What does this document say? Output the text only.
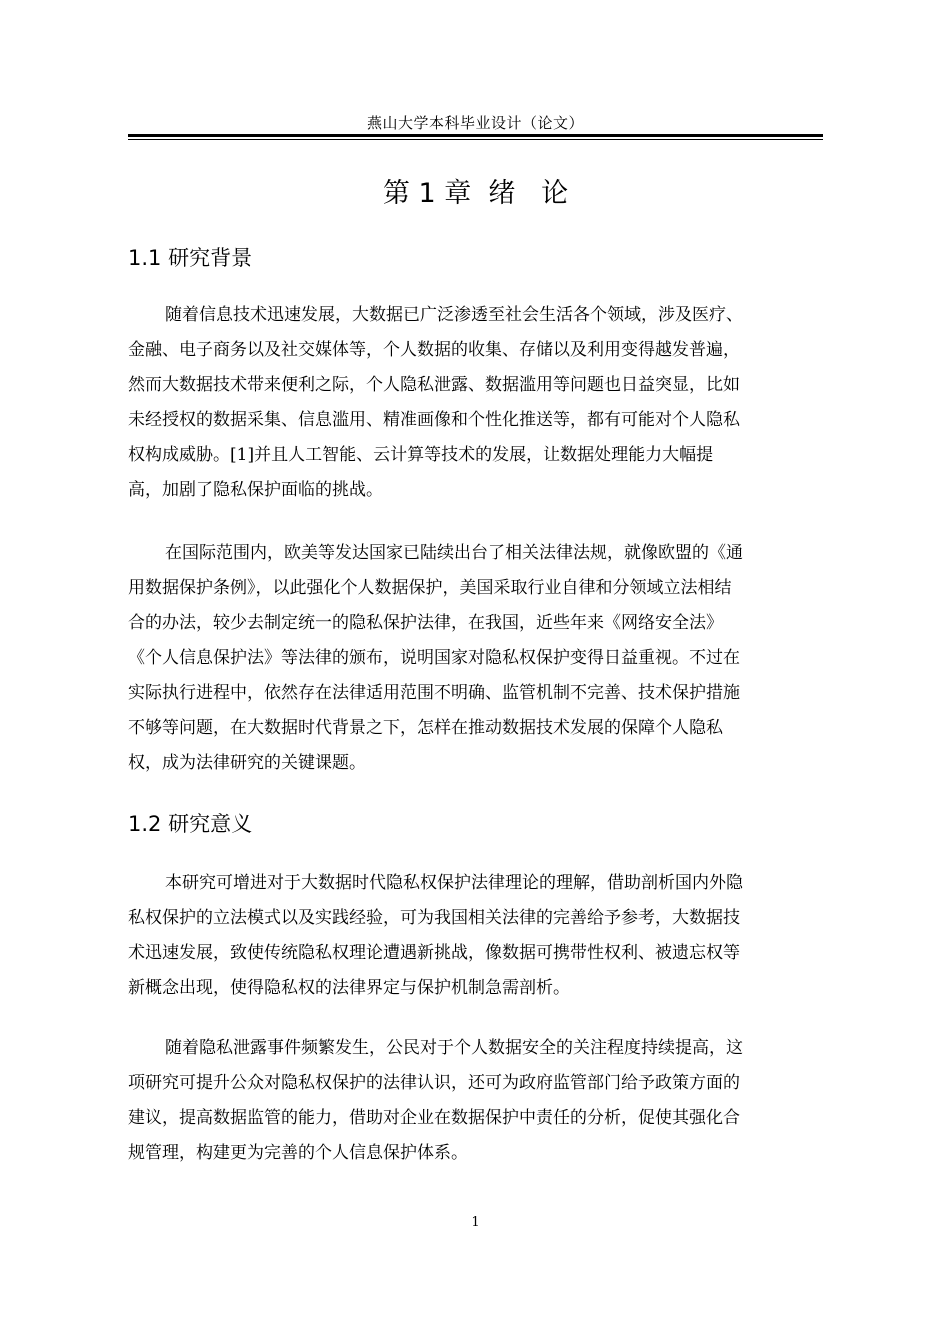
燕山大学本科毕业设计（论文）
第 1 章  绪   论
1.1 研究背景

随着信息技术迅速发展，大数据已广泛渗透至社会生活各个领域，涉及医疗、
金融、电子商务以及社交媒体等，个人数据的收集、存储以及利用变得越发普遍，
然而大数据技术带来便利之际，个人隐私泄露、数据滥用等问题也日益突显，比如
未经授权的数据采集、信息滥用、精准画像和个性化推送等，都有可能对个人隐私
权构成威胁。[1]并且人工智能、云计算等技术的发展，让数据处理能力大幅提
高，加剧了隐私保护面临的挑战。

在国际范围内，欧美等发达国家已陆续出台了相关法律法规，就像欧盟的《通
用数据保护条例》，以此强化个人数据保护，美国采取行业自律和分领域立法相结
合的办法，较少去制定统一的隐私保护法律，在我国，近些年来《网络安全法》
《个人信息保护法》等法律的颁布，说明国家对隐私权保护变得日益重视。不过在
实际执行进程中，依然存在法律适用范围不明确、监管机制不完善、技术保护措施
不够等问题，在大数据时代背景之下，怎样在推动数据技术发展的保障个人隐私
权，成为法律研究的关键课题。

1.2 研究意义

本研究可增进对于大数据时代隐私权保护法律理论的理解，借助剖析国内外隐
私权保护的立法模式以及实践经验，可为我国相关法律的完善给予参考，大数据技
术迅速发展，致使传统隐私权理论遭遇新挑战，像数据可携带性权利、被遗忘权等
新概念出现，使得隐私权的法律界定与保护机制急需剖析。

随着隐私泄露事件频繁发生，公民对于个人数据安全的关注程度持续提高，这
项研究可提升公众对隐私权保护的法律认识，还可为政府监管部门给予政策方面的
建议，提高数据监管的能力，借助对企业在数据保护中责任的分析，促使其强化合
规管理，构建更为完善的个人信息保护体系。

1
